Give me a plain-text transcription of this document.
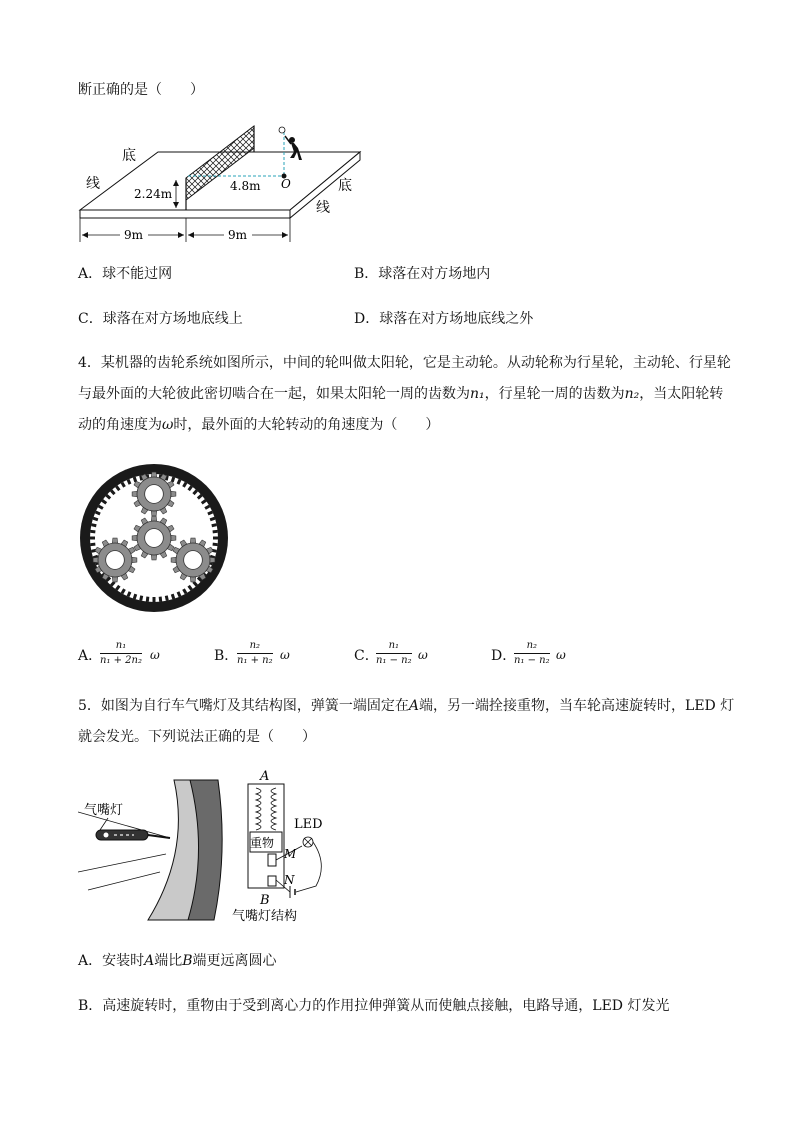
断正确的是（　　）
底
线	底
线
2.24m
4.8m O
9m	9m
A．球不能过网	B．球落在对方场地内
C．球落在对方场地底线上	D．球落在对方场地底线之外
4．某机器的齿轮系统如图所示，中间的轮叫做太阳轮，它是主动轮。从动轮称为行星轮，主动轮、行星轮
与最外面的大轮彼此密切啮合在一起，如果太阳轮一周的齿数为n₁，行星轮一周的齿数为n₂，当太阳轮转
动的角速度为ω时，最外面的大轮转动的角速度为（　　）
A．
n₁
n₁ + 2n₂ ω	B．
n₂
n₁ + n₂ ω	C．
n₁
n₁ − n₂ ω	D．
n₂
n₁ − n₂ ω
5．如图为自行车气嘴灯及其结构图，弹簧一端固定在A端，另一端拴接重物，当车轮高速旋转时，LED 灯
就会发光。下列说法正确的是（　　）
气嘴灯
A
B
重物
M
N
LED
气嘴灯结构
A．安装时A端比B端更远离圆心
B．高速旋转时，重物由于受到离心力的作用拉伸弹簧从而使触点接触，电路导通，LED 灯发光
